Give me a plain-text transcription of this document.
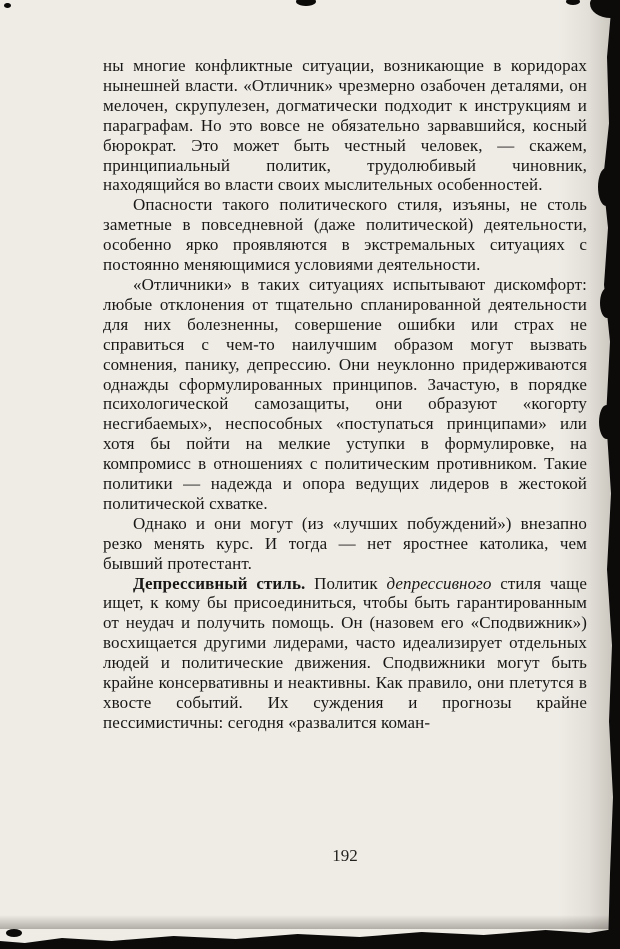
ны многие конфликтные ситуации, возникающие в коридорах нынешней власти. «Отличник» чрезмерно озабочен деталями, он мелочен, скрупулезен, догматически подходит к инструкциям и параграфам. Но это вовсе не обязательно зарвавшийся, косный бюрократ. Это может быть честный человек, — скажем, принципиальный политик, трудолюбивый чиновник, находящийся во власти своих мыслительных особенностей.

Опасности такого политического стиля, изъяны, не столь заметные в повседневной (даже политической) деятельности, особенно ярко проявляются в экстремальных ситуациях с постоянно меняющимися условиями деятельности.

«Отличники» в таких ситуациях испытывают дискомфорт: любые отклонения от тщательно спланированной деятельности для них болезненны, совершение ошибки или страх не справиться с чем-то наилучшим образом могут вызвать сомнения, панику, депрессию. Они неуклонно придерживаются однажды сформулированных принципов. Зачастую, в порядке психологической самозащиты, они образуют «когорту несгибаемых», неспособных «поступаться принципами» или хотя бы пойти на мелкие уступки в формулировке, на компромисс в отношениях с политическим противником. Такие политики — надежда и опора ведущих лидеров в жестокой политической схватке.

Однако и они могут (из «лучших побуждений») внезапно резко менять курс. И тогда — нет яростнее католика, чем бывший протестант.

Депрессивный стиль. Политик депрессивного стиля чаще ищет, к кому бы присоединиться, чтобы быть гарантированным от неудач и получить помощь. Он (назовем его «Сподвижник») восхищается другими лидерами, часто идеализирует отдельных людей и политические движения. Сподвижники могут быть крайне консервативны и неактивны. Как правило, они плетутся в хвосте событий. Их суждения и прогнозы крайне пессимистичны: сегодня «развалится коман-

192
